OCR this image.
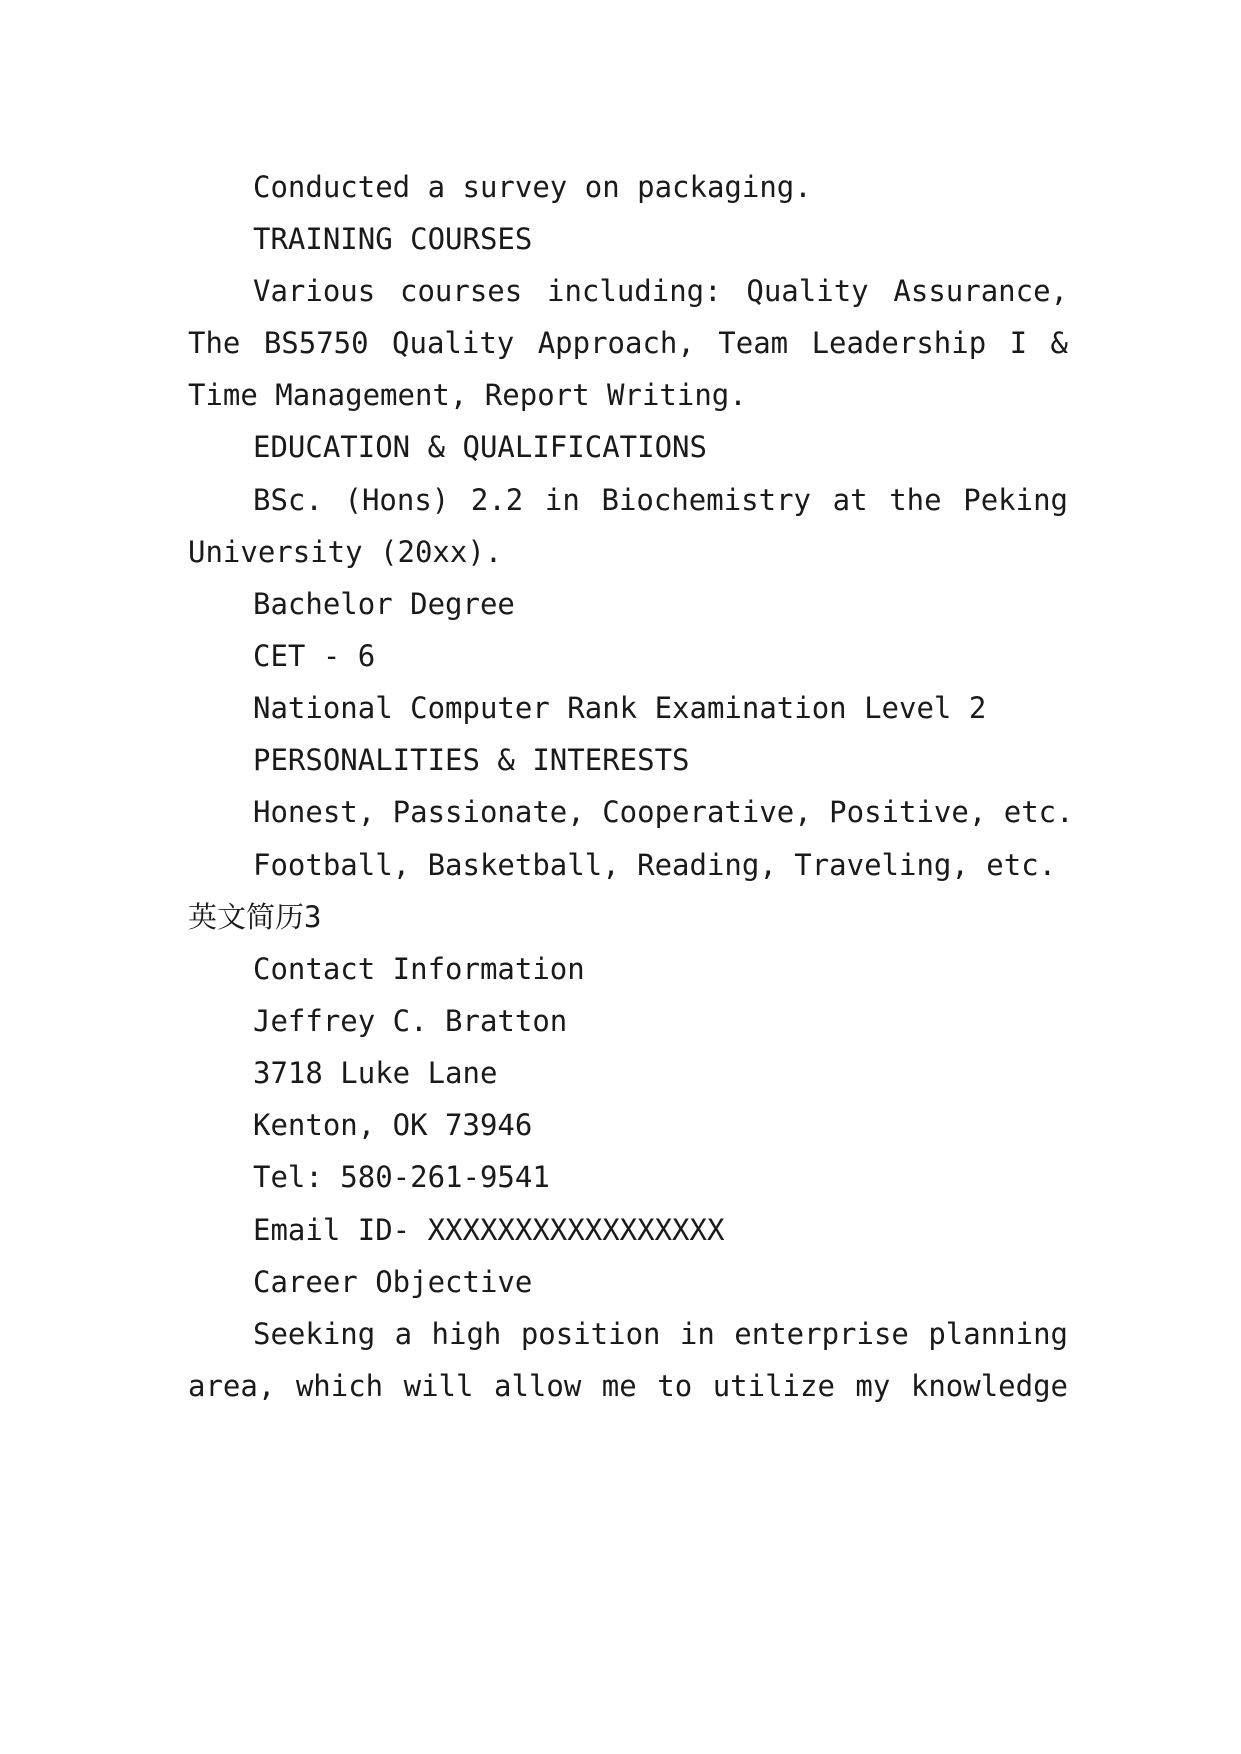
Conducted a survey on packaging.
TRAINING COURSES
Various courses including: Quality Assurance,
The BS5750 Quality Approach, Team Leadership I &
Time Management, Report Writing.
EDUCATION & QUALIFICATIONS
BSc. (Hons) 2.2 in Biochemistry at the Peking
University (20xx).
Bachelor Degree
CET - 6
National Computer Rank Examination Level 2
PERSONALITIES & INTERESTS
Honest, Passionate, Cooperative, Positive, etc.
Football, Basketball, Reading, Traveling, etc.
英文简历3
Contact Information
Jeffrey C. Bratton
3718 Luke Lane
Kenton, OK 73946
Tel: 580-261-9541
Email ID- XXXXXXXXXXXXXXXXX
Career Objective
Seeking a high position in enterprise planning
area, which will allow me to utilize my knowledge
